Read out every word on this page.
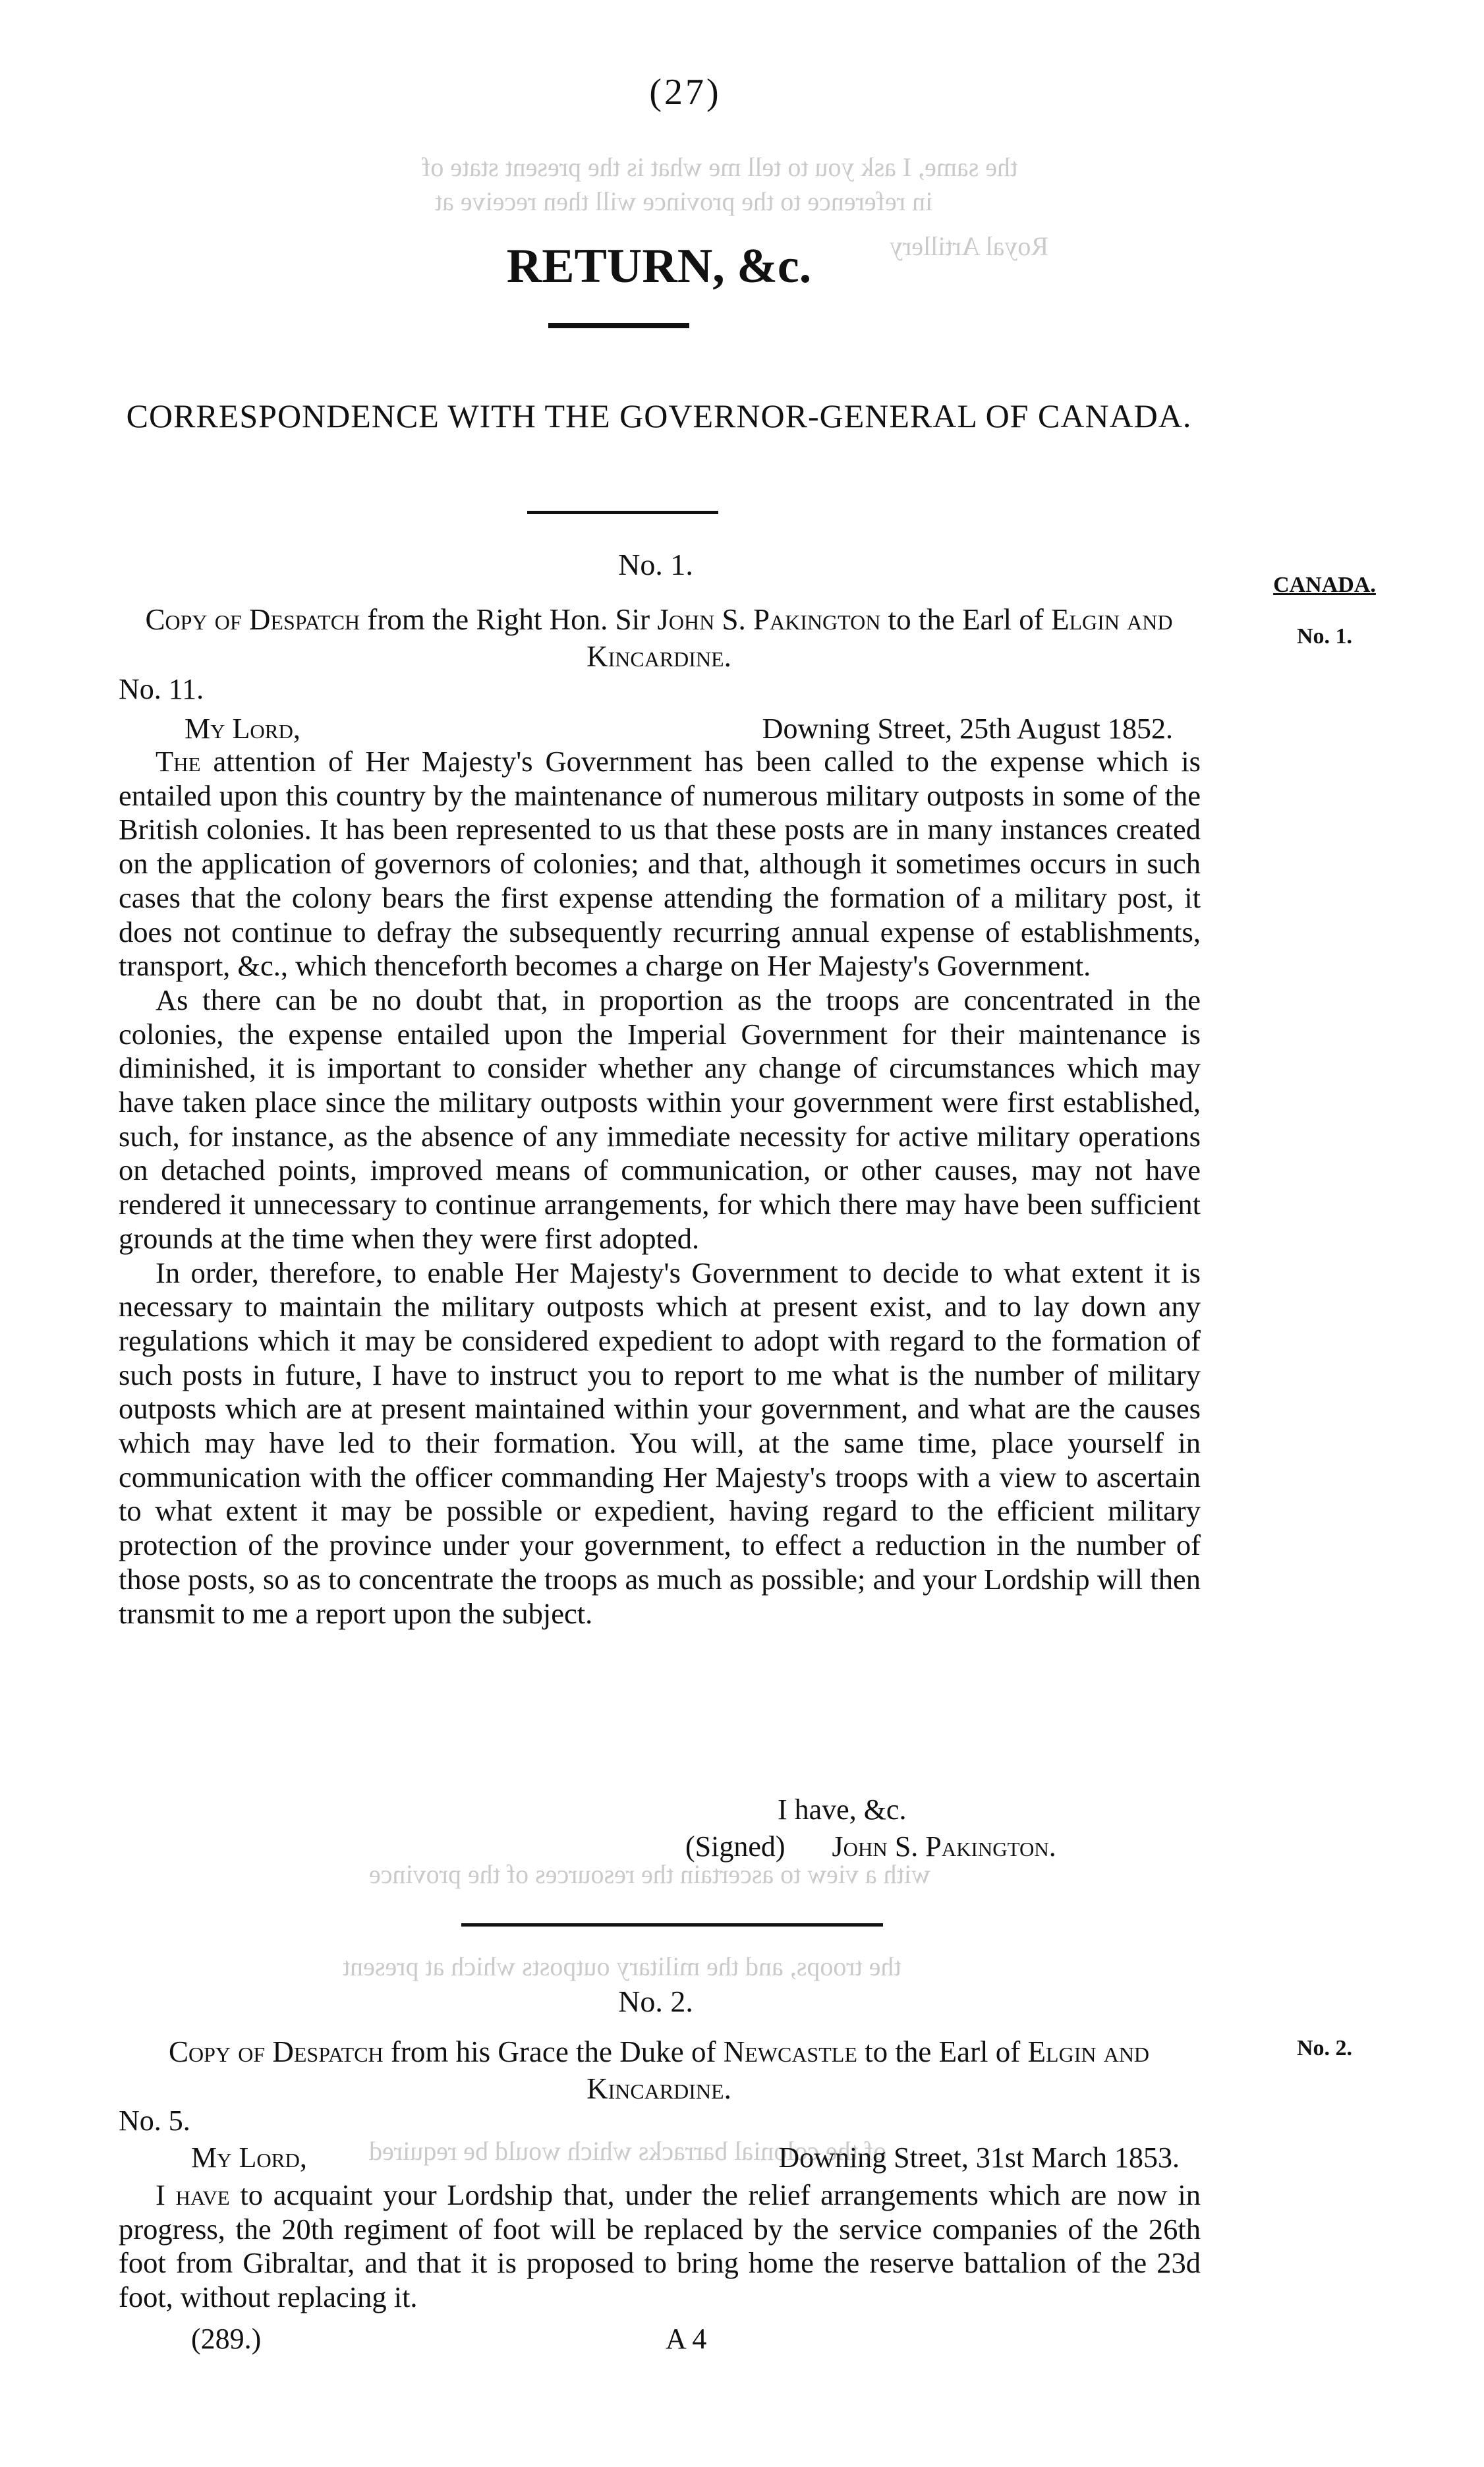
the same, I ask you to tell me what is the present state of
in reference to the province will then receive at
Royal Artillery
with a view to ascertain the resources of the province
the troops, and the military outposts which at present
of the colonial barracks which would be required
(27)
RETURN, &c.
CORRESPONDENCE WITH THE GOVERNOR-GENERAL OF CANADA.
No. 1.
CANADA.
No. 1.
Copy of Despatch from the Right Hon. Sir John S. Pakington to the Earl of Elgin and Kincardine.
No. 11.
My Lord,	Downing Street, 25th August 1852.

The attention of Her Majesty's Government has been called to the expense which is entailed upon this country by the maintenance of numerous military outposts in some of the British colonies. It has been represented to us that these posts are in many instances created on the application of governors of colonies; and that, although it sometimes occurs in such cases that the colony bears the first expense attending the formation of a military post, it does not continue to defray the subsequently recurring annual expense of establishments, transport, &c., which thenceforth becomes a charge on Her Majesty's Government.

As there can be no doubt that, in proportion as the troops are concentrated in the colonies, the expense entailed upon the Imperial Government for their maintenance is diminished, it is important to consider whether any change of circumstances which may have taken place since the military outposts within your government were first established, such, for instance, as the absence of any immediate necessity for active military operations on detached points, improved means of communication, or other causes, may not have rendered it unnecessary to continue arrangements, for which there may have been sufficient grounds at the time when they were first adopted.

In order, therefore, to enable Her Majesty's Government to decide to what extent it is necessary to maintain the military outposts which at present exist, and to lay down any regulations which it may be considered expedient to adopt with regard to the formation of such posts in future, I have to instruct you to report to me what is the number of military outposts which are at present maintained within your government, and what are the causes which may have led to their formation. You will, at the same time, place yourself in communication with the officer commanding Her Majesty's troops with a view to ascertain to what extent it may be possible or expedient, having regard to the efficient military protection of the province under your government, to effect a reduction in the number of those posts, so as to concentrate the troops as much as possible; and your Lordship will then transmit to me a report upon the subject.

I have, &c.
(Signed) John S. Pakington.
No. 2.
No. 2.
Copy of Despatch from his Grace the Duke of Newcastle to the Earl of Elgin and Kincardine.
No. 5.
My Lord,	Downing Street, 31st March 1853.

I have to acquaint your Lordship that, under the relief arrangements which are now in progress, the 20th regiment of foot will be replaced by the service companies of the 26th foot from Gibraltar, and that it is proposed to bring home the reserve battalion of the 23d foot, without replacing it.

(289.)	A 4
